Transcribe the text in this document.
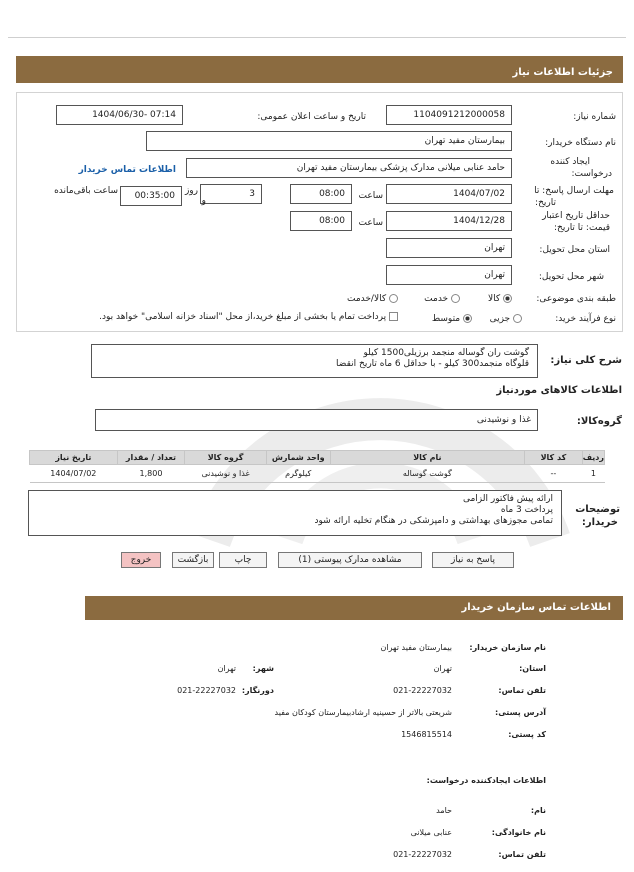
جزئیات اطلاعات نیاز
شماره نیاز:
1104091212000058
تاریخ و ساعت اعلان عمومی:
1404/06/30- 07:14
نام دستگاه خریدار:
بیمارستان مفید تهران
ایجاد کننده
درخواست:
حامد عنابی میلانی مدارک پزشکی بیمارستان مفید تهران
اطلاعات تماس خریدار
مهلت ارسال پاسخ: تا
تاریخ:
1404/07/02
ساعت
08:00
3
روز
و
00:35:00
ساعت باقی‌مانده
حداقل تاریخ اعتبار
قیمت: تا تاریخ:
1404/12/28
ساعت
08:00
استان محل تحویل:
تهران
شهر محل تحویل:
تهران
طبقه بندی موضوعی:
کالا
خدمت
کالا/خدمت
نوع فرآیند خرید:
جزیی
متوسط
پرداخت تمام یا بخشی از مبلغ خرید،از محل "اسناد خزانه اسلامی" خواهد بود.
شرح کلی نیاز:
گوشت ران گوساله منجمد برزیلی1500 کیلو
قلوگاه منجمد300 کیلو - با حداقل 6 ماه تاریخ انقضا
اطلاعات کالاهای موردنیاز
گروه‌کالا:
غذا و نوشیدنی
ردیف	کد کالا	نام کالا	واحد شمارش	گروه کالا	تعداد / مقدار	تاریخ نیاز
1	--	گوشت گوساله	کیلوگرم	غذا و نوشیدنی	1,800	1404/07/02
توضیحات
خریدار:
ارائه پیش فاکتور الزامی
پرداخت 3 ماه
تمامی مجوزهای بهداشتی و دامپزشکی در هنگام تخلیه ارائه شود
پاسخ به نیاز
مشاهده مدارک پیوستی (1)
چاپ
بازگشت
خروج
اطلاعات تماس سازمان خریدار
نام سازمان خریدار:
بیمارستان مفید تهران
استان:
تهران
شهر:
تهران
تلفن تماس:
021-22227032
دورنگار:
021-22227032
آدرس پستی:
شریعتی بالاتر از حسینیه ارشادبیمارستان کودکان مفید
کد پستی:
1546815514
اطلاعات ایجادکننده درخواست:
نام:
حامد
نام خانوادگی:
عنابی میلانی
تلفن تماس:
021-22227032
